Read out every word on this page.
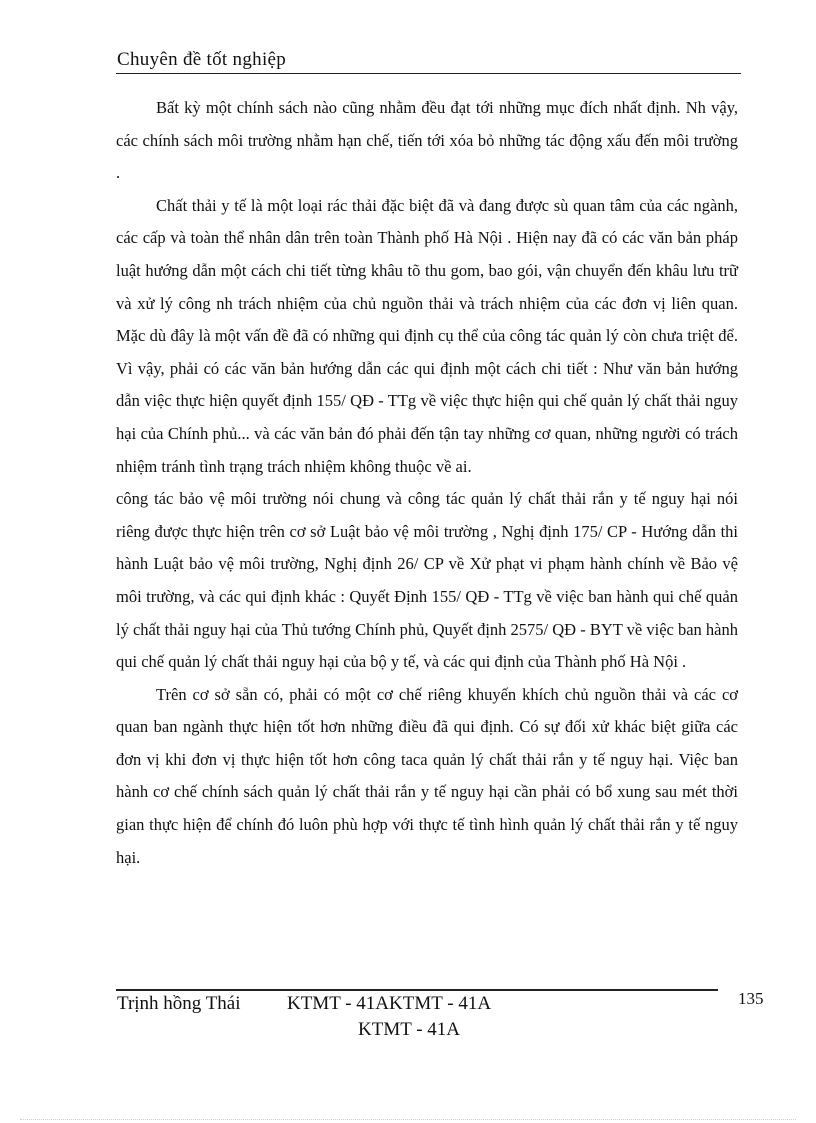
Chuyên đề tốt nghiệp

Bất kỳ một chính sách nào cũng nhằm đều đạt tới những mục đích nhất định. Nh vậy, các chính sách môi trường nhằm hạn chế, tiến tới xóa bỏ những tác động xấu đến môi trường .

Chất thải y tế là một loại rác thải đặc biệt đã và đang được sù quan tâm của các ngành, các cấp và toàn thể nhân dân trên toàn Thành phố Hà Nội . Hiện nay đã có các văn bản pháp luật hướng dẫn một cách chi tiết từng khâu tõ thu gom, bao gói, vận chuyển đến khâu lưu trữ và xử lý công nh trách nhiệm của chủ nguồn thải và trách nhiệm của các đơn vị liên quan. Mặc dù đây là một vấn đề đã có những qui định cụ thể của công tác quản lý còn chưa triệt để. Vì vậy, phải có các văn bản hướng dẫn các qui định một cách chi tiết : Như văn bản hướng dẫn việc thực hiện quyết định 155/ QĐ - TTg về việc thực hiện qui chế quản lý chất thải nguy hại của Chính phủ... và các văn bản đó phải đến tận tay những cơ quan, những người có trách nhiệm tránh tình trạng trách nhiệm không thuộc về ai.

công tác bảo vệ môi trường nói chung và công tác quản lý chất thải rắn y tế nguy hại nói riêng được thực hiện trên cơ sở Luật bảo vệ môi trường , Nghị định 175/ CP - Hướng dẫn thi hành Luật bảo vệ môi trường, Nghị định 26/ CP về Xử phạt vi phạm hành chính về Bảo vệ môi trường, và các qui định khác : Quyết Định 155/ QĐ - TTg về việc ban hành qui chế quản lý chất thải nguy hại của Thủ tướng Chính phủ, Quyết định 2575/ QĐ - BYT về việc ban hành qui chế quản lý chất thải nguy hại của bộ y tế, và các qui định của Thành phố Hà Nội .

Trên cơ sở sẵn có, phải có một cơ chế riêng khuyến khích chủ nguồn thải và các cơ quan ban ngành thực hiện tốt hơn những điều đã qui định. Có sự đối xử khác biệt giữa các đơn vị khi đơn vị thực hiện tốt hơn công taca quản lý chất thải rắn y tế nguy hại. Việc ban hành cơ chế chính sách quản lý chất thải rắn y tế nguy hại cần phải có bổ xung sau mét thời gian thực hiện để chính đó luôn phù hợp với thực tế tình hình quản lý chất thải rắn y tế nguy hại.

Trịnh hồng Thái KTMT - 41AKTMT - 41A
KTMT - 41A
135
